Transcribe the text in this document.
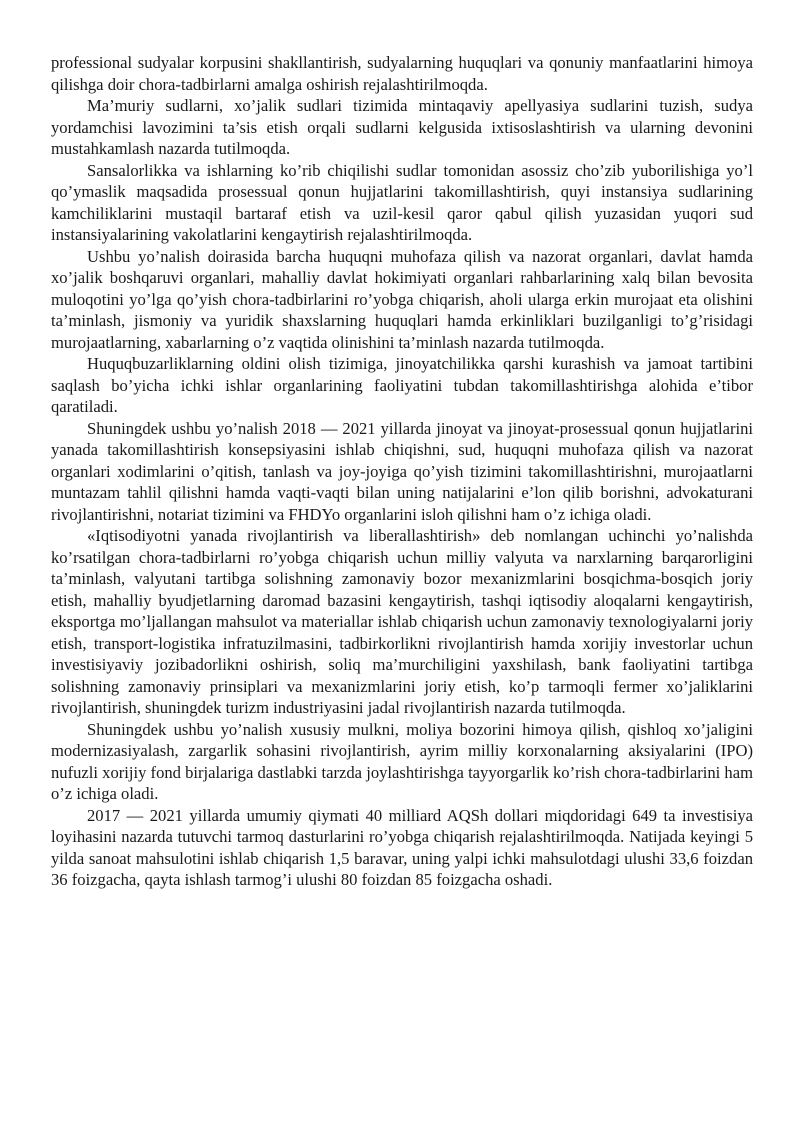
professional sudyalar korpusini shakllantirish, sudyalarning huquqlari va qonuniy manfaatlarini himoya qilishga doir chora-tadbirlarni amalga oshirish rejalashtirilmoqda.

Ma’muriy sudlarni, xo’jalik sudlari tizimida mintaqaviy apellyasiya sudlarini tuzish, sudya yordamchisi lavozimini ta’sis etish orqali sudlarni kelgusida ixtisoslashtirish va ularning devonini mustahkamlash nazarda tutilmoqda.

Sansalorlikka va ishlarning ko’rib chiqilishi sudlar tomonidan asossiz cho’zib yuborilishiga yo’l qo’ymaslik maqsadida prosessual qonun hujjatlarini takomillashtirish, quyi instansiya sudlarining kamchiliklarini mustaqil bartaraf etish va uzil-kesil qaror qabul qilish yuzasidan yuqori sud instansiyalarining vakolatlarini kengaytirish rejalashtirilmoqda.

Ushbu yo’nalish doirasida barcha huquqni muhofaza qilish va nazorat organlari, davlat hamda xo’jalik boshqaruvi organlari, mahalliy davlat hokimiyati organlari rahbarlarining xalq bilan bevosita muloqotini yo’lga qo’yish chora-tadbirlarini ro’yobga chiqarish, aholi ularga erkin murojaat eta olishini ta’minlash, jismoniy va yuridik shaxslarning huquqlari hamda erkinliklari buzilganligi to’g’risidagi murojaatlarning, xabarlarning o’z vaqtida olinishini ta’minlash nazarda tutilmoqda.

Huquqbuzarliklarning oldini olish tizimiga, jinoyatchilikka qarshi kurashish va jamoat tartibini saqlash bo’yicha ichki ishlar organlarining faoliyatini tubdan takomillashtirishga alohida e’tibor qaratiladi.

Shuningdek ushbu yo’nalish 2018 — 2021 yillarda jinoyat va jinoyat-prosessual qonun hujjatlarini yanada takomillashtirish konsepsiyasini ishlab chiqishni, sud, huquqni muhofaza qilish va nazorat organlari xodimlarini o’qitish, tanlash va joy-joyiga qo’yish tizimini takomillashtirishni, murojaatlarni muntazam tahlil qilishni hamda vaqti-vaqti bilan uning natijalarini e’lon qilib borishni, advokaturani rivojlantirishni, notariat tizimini va FHDYo organlarini isloh qilishni ham o’z ichiga oladi.

«Iqtisodiyotni yanada rivojlantirish va liberallashtirish» deb nomlangan uchinchi yo’nalishda ko’rsatilgan chora-tadbirlarni ro’yobga chiqarish uchun milliy valyuta va narxlarning barqarorligini ta’minlash, valyutani tartibga solishning zamonaviy bozor mexanizmlarini bosqichma-bosqich joriy etish, mahalliy byudjetlarning daromad bazasini kengaytirish, tashqi iqtisodiy aloqalarni kengaytirish, eksportga mo’ljallangan mahsulot va materiallar ishlab chiqarish uchun zamonaviy texnologiyalarni joriy etish, transport-logistika infratuzilmasini, tadbirkorlikni rivojlantirish hamda xorijiy investorlar uchun investisiyaviy jozibadorlikni oshirish, soliq ma’murchiligini yaxshilash, bank faoliyatini tartibga solishning zamonaviy prinsiplari va mexanizmlarini joriy etish, ko’p tarmoqli fermer xo’jaliklarini rivojlantirish, shuningdek turizm industriyasini jadal rivojlantirish nazarda tutilmoqda.

Shuningdek ushbu yo’nalish xususiy mulkni, moliya bozorini himoya qilish, qishloq xo’jaligini modernizasiyalash, zargarlik sohasini rivojlantirish, ayrim milliy korxonalarning aksiyalarini (IPO) nufuzli xorijiy fond birjalariga dastlabki tarzda joylashtirishga tayyorgarlik ko’rish chora-tadbirlarini ham o’z ichiga oladi.

2017 — 2021 yillarda umumiy qiymati 40 milliard AQSh dollari miqdoridagi 649 ta investisiya loyihasini nazarda tutuvchi tarmoq dasturlarini ro’yobga chiqarish rejalashtirilmoqda. Natijada keyingi 5 yilda sanoat mahsulotini ishlab chiqarish 1,5 baravar, uning yalpi ichki mahsulotdagi ulushi 33,6 foizdan 36 foizgacha, qayta ishlash tarmog’i ulushi 80 foizdan 85 foizgacha oshadi.
